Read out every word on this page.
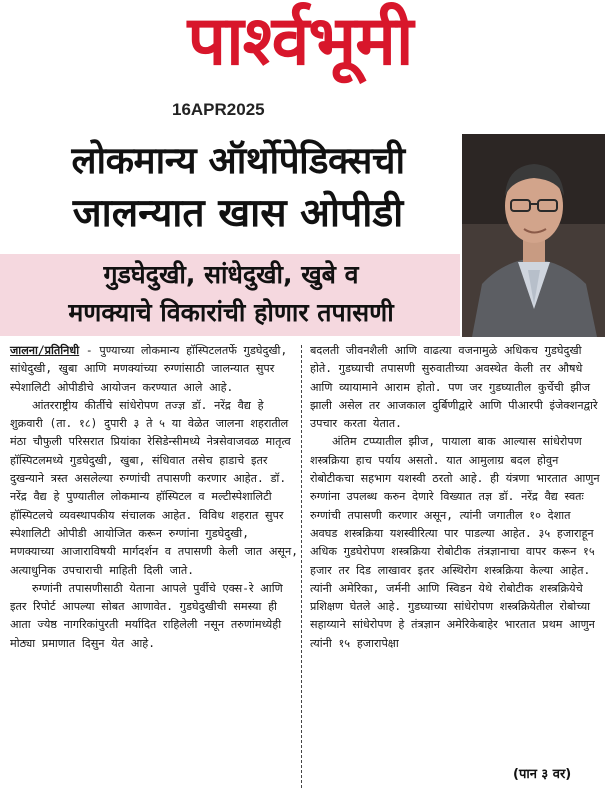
पार्श्वभूमी
16APR2025
लोकमान्य ऑर्थोपेडिक्सची
जालन्यात खास ओपीडी
गुडघेदुखी, सांधेदुखी, खुबे व
मणक्याचे विकारांची होणार तपासणी

जालना/प्रतिनिधी - पुण्याच्या लोकमान्य हॉस्पिटलतर्फे गुडघेदुखी, सांधेदुखी, खुबा आणि मणक्यांच्या रुग्णांसाठी जालन्यात सुपर स्पेशालिटी ओपीडीचे आयोजन करण्यात आले आहे.

आंतरराष्ट्रीय कीर्तीचे सांधेरोपण तज्ज्ञ डॉ. नरेंद्र वैद्य हे शुक्रवारी (ता. १८) दुपारी ३ ते ५ या वेळेत जालना शहरातील मंठा चौफुली परिसरात प्रियांका रेसिडेन्सीमध्ये नेत्रसेवाजवळ मातृत्व हॉस्पिटलमध्ये गुडघेदुखी, खुबा, संधिवात तसेच हाडाचे इतर दुखन्याने त्रस्त असलेल्या रुग्णांची तपासणी करणार आहेत. डॉ. नरेंद्र वैद्य हे पुण्यातील लोकमान्य हॉस्पिटल व मल्टीस्पेशालिटी हॉस्पिटलचे व्यवस्थापकीय संचालक आहेत. विविध शहरात सुपर स्पेशालिटी ओपीडी आयोजित करून रुग्णांना गुडघेदुखी, मणक्याच्या आजाराविषयी मार्गदर्शन व तपासणी केली जात असून, अत्याधुनिक उपचाराची माहिती दिली जाते.

रुग्णांनी तपासणीसाठी येताना आपले पुर्वीचे एक्स-रे आणि इतर रिपोर्ट आपल्या सोबत आणावेत. गुडघेदुखीची समस्या ही आता ज्येष्ठ नागरिकांपुरती मर्यादित राहिलेली नसून तरुणांमध्येही मोठ्या प्रमाणात दिसुन येत आहे.

बदलती जीवनशैली आणि वाढत्या वजनामुळे अधिकच गुडघेदुखी होते. गुडघ्याची तपासणी सुरुवातीच्या अवस्थेत केली तर औषधे आणि व्यायामाने आराम होतो. पण जर गुडघ्यातील कुर्चेची झीज झाली असेल तर आजकाल दुर्बिणीद्वारे आणि पीआरपी इंजेक्शनद्वारे उपचार करता येतात.

अंतिम टप्प्यातील झीज, पायाला बाक आल्यास सांधेरोपण शस्त्रक्रिया हाच पर्याय असतो. यात आमुलाग्र बदल होवुन रोबोटीकचा सहभाग यशस्वी ठरतो आहे. ही यंत्रणा भारतात आणुन रुग्णांना उपलब्ध करुन देणारे विख्यात तज्ञ डॉ. नरेंद्र वैद्य स्वतः रुग्णांची तपासणी करणार असून, त्यांनी जगातील १० देशात अवघड शस्त्रक्रिया यशस्वीरित्या पार पाडल्या आहेत. ३५ हजाराहून अधिक गुडघेरोपण शस्त्रक्रिया रोबोटीक तंत्रज्ञानाचा वापर करून १५ हजार तर दिड लाखावर इतर अस्थिरोग शस्त्रक्रिया केल्या आहेत. त्यांनी अमेरिका, जर्मनी आणि स्विडन येथे रोबोटीक शस्त्रक्रियेचे प्रशिक्षण घेतले आहे. गुडघ्याच्या सांधेरोपण शस्त्रक्रियेतील रोबोच्या सहाय्याने सांधेरोपण हे तंत्रज्ञान अमेरिकेबाहेर भारतात प्रथम आणुन त्यांनी १५ हजारापेक्षा

(पान ३ वर)
